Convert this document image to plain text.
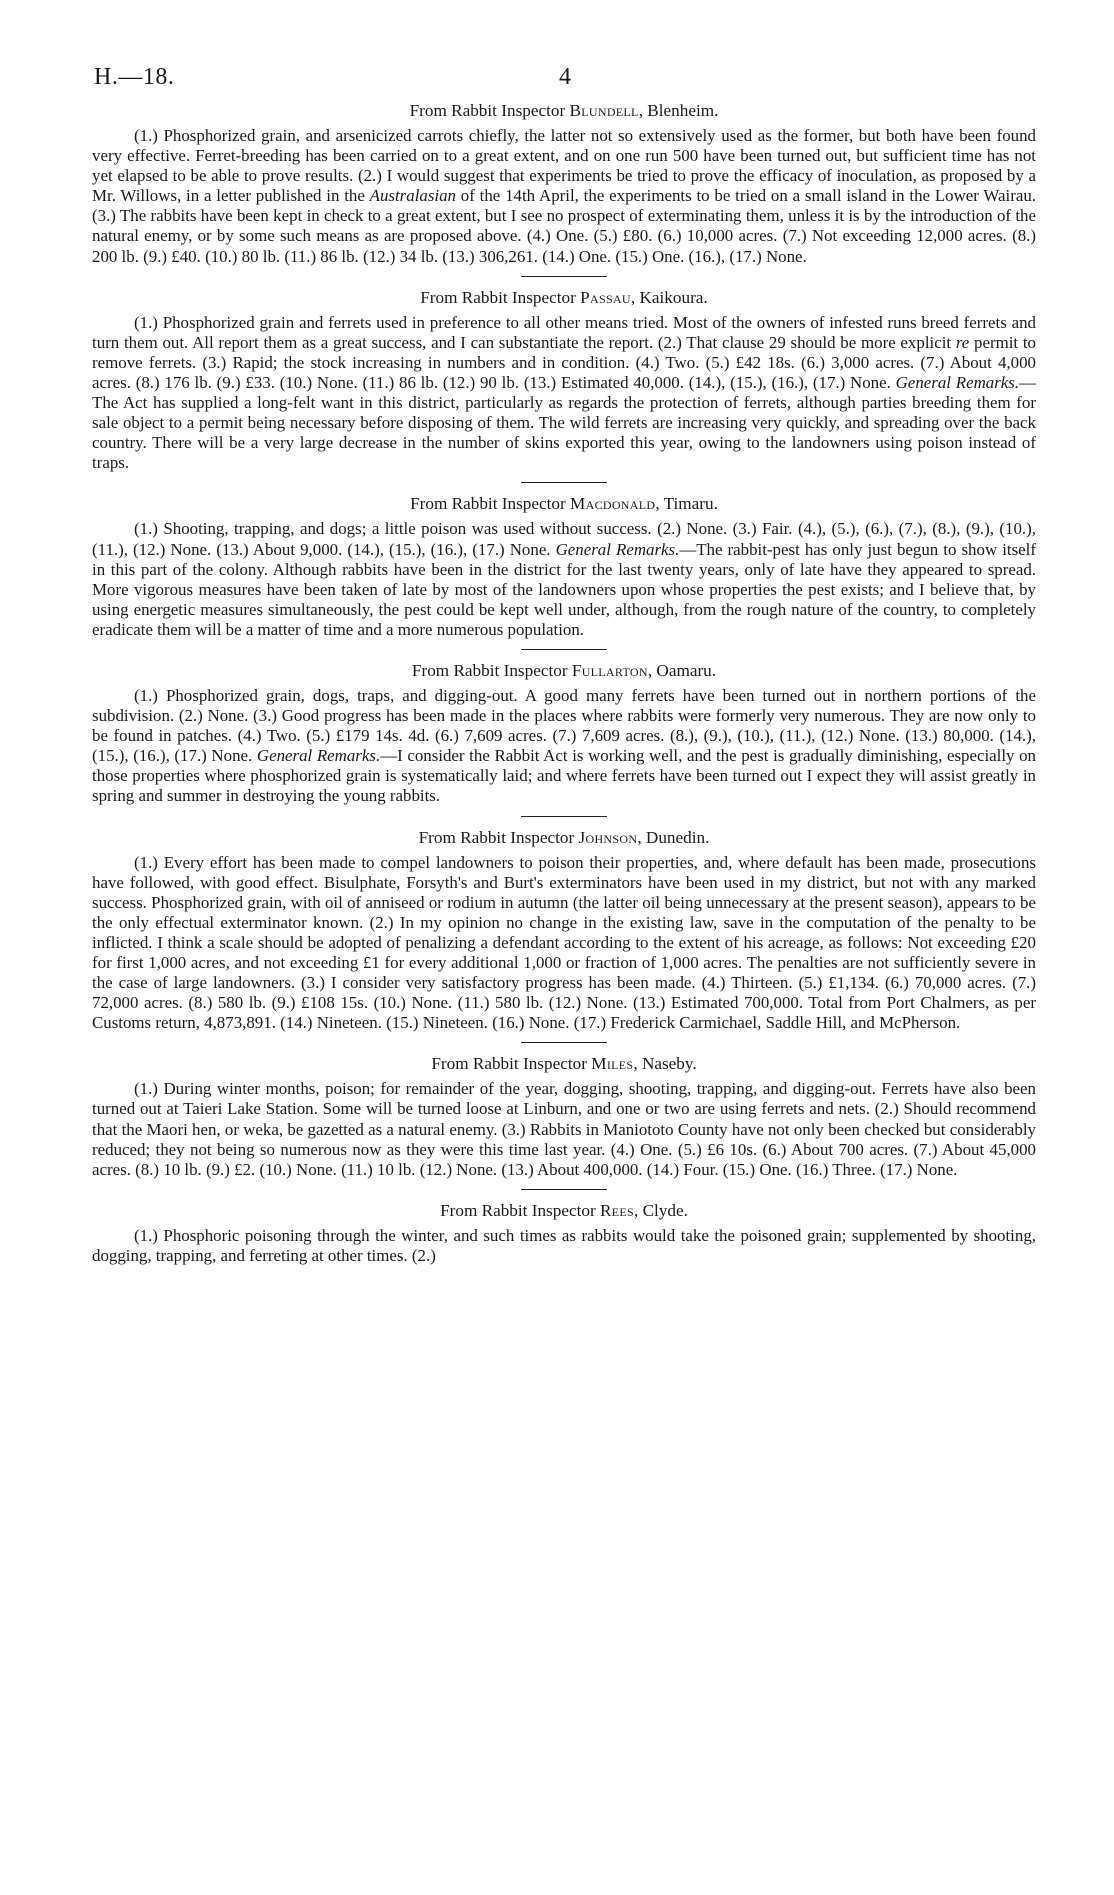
H.—18.	4
From Rabbit Inspector Blundell, Blenheim.

(1.) Phosphorized grain, and arsenicized carrots chiefly, the latter not so extensively used as the former, but both have been found very effective. Ferret-breeding has been carried on to a great extent, and on one run 500 have been turned out, but sufficient time has not yet elapsed to be able to prove results. (2.) I would suggest that experiments be tried to prove the efficacy of inoculation, as proposed by a Mr. Willows, in a letter published in the Australasian of the 14th April, the experiments to be tried on a small island in the Lower Wairau. (3.) The rabbits have been kept in check to a great extent, but I see no prospect of exterminating them, unless it is by the introduction of the natural enemy, or by some such means as are proposed above. (4.) One. (5.) £80. (6.) 10,000 acres. (7.) Not exceeding 12,000 acres. (8.) 200 lb. (9.) £40. (10.) 80 lb. (11.) 86 lb. (12.) 34 lb. (13.) 306,261. (14.) One. (15.) One. (16.), (17.) None.

From Rabbit Inspector Passau, Kaikoura.

(1.) Phosphorized grain and ferrets used in preference to all other means tried. Most of the owners of infested runs breed ferrets and turn them out. All report them as a great success, and I can substantiate the report. (2.) That clause 29 should be more explicit re permit to remove ferrets. (3.) Rapid; the stock increasing in numbers and in condition. (4.) Two. (5.) £42 18s. (6.) 3,000 acres. (7.) About 4,000 acres. (8.) 176 lb. (9.) £33. (10.) None. (11.) 86 lb. (12.) 90 lb. (13.) Estimated 40,000. (14.), (15.), (16.), (17.) None. General Remarks.—The Act has supplied a long-felt want in this district, particularly as regards the protection of ferrets, although parties breeding them for sale object to a permit being necessary before disposing of them. The wild ferrets are increasing very quickly, and spreading over the back country. There will be a very large decrease in the number of skins exported this year, owing to the landowners using poison instead of traps.

From Rabbit Inspector Macdonald, Timaru.

(1.) Shooting, trapping, and dogs; a little poison was used without success. (2.) None. (3.) Fair. (4.), (5.), (6.), (7.), (8.), (9.), (10.), (11.), (12.) None. (13.) About 9,000. (14.), (15.), (16.), (17.) None. General Remarks.—The rabbit-pest has only just begun to show itself in this part of the colony. Although rabbits have been in the district for the last twenty years, only of late have they appeared to spread. More vigorous measures have been taken of late by most of the landowners upon whose properties the pest exists; and I believe that, by using energetic measures simultaneously, the pest could be kept well under, although, from the rough nature of the country, to completely eradicate them will be a matter of time and a more numerous population.

From Rabbit Inspector Fullarton, Oamaru.

(1.) Phosphorized grain, dogs, traps, and digging-out. A good many ferrets have been turned out in northern portions of the subdivision. (2.) None. (3.) Good progress has been made in the places where rabbits were formerly very numerous. They are now only to be found in patches. (4.) Two. (5.) £179 14s. 4d. (6.) 7,609 acres. (7.) 7,609 acres. (8.), (9.), (10.), (11.), (12.) None. (13.) 80,000. (14.), (15.), (16.), (17.) None. General Remarks.—I consider the Rabbit Act is working well, and the pest is gradually diminishing, especially on those properties where phosphorized grain is systematically laid; and where ferrets have been turned out I expect they will assist greatly in spring and summer in destroying the young rabbits.

From Rabbit Inspector Johnson, Dunedin.

(1.) Every effort has been made to compel landowners to poison their properties, and, where default has been made, prosecutions have followed, with good effect. Bisulphate, Forsyth's and Burt's exterminators have been used in my district, but not with any marked success. Phosphorized grain, with oil of anniseed or rodium in autumn (the latter oil being unnecessary at the present season), appears to be the only effectual exterminator known. (2.) In my opinion no change in the existing law, save in the computation of the penalty to be inflicted. I think a scale should be adopted of penalizing a defendant according to the extent of his acreage, as follows: Not exceeding £20 for first 1,000 acres, and not exceeding £1 for every additional 1,000 or fraction of 1,000 acres. The penalties are not sufficiently severe in the case of large landowners. (3.) I consider very satisfactory progress has been made. (4.) Thirteen. (5.) £1,134. (6.) 70,000 acres. (7.) 72,000 acres. (8.) 580 lb. (9.) £108 15s. (10.) None. (11.) 580 lb. (12.) None. (13.) Estimated 700,000. Total from Port Chalmers, as per Customs return, 4,873,891. (14.) Nineteen. (15.) Nineteen. (16.) None. (17.) Frederick Carmichael, Saddle Hill, and McPherson.

From Rabbit Inspector Miles, Naseby.

(1.) During winter months, poison; for remainder of the year, dogging, shooting, trapping, and digging-out. Ferrets have also been turned out at Taieri Lake Station. Some will be turned loose at Linburn, and one or two are using ferrets and nets. (2.) Should recommend that the Maori hen, or weka, be gazetted as a natural enemy. (3.) Rabbits in Maniototo County have not only been checked but considerably reduced; they not being so numerous now as they were this time last year. (4.) One. (5.) £6 10s. (6.) About 700 acres. (7.) About 45,000 acres. (8.) 10 lb. (9.) £2. (10.) None. (11.) 10 lb. (12.) None. (13.) About 400,000. (14.) Four. (15.) One. (16.) Three. (17.) None.

From Rabbit Inspector Rees, Clyde.

(1.) Phosphoric poisoning through the winter, and such times as rabbits would take the poisoned grain; supplemented by shooting, dogging, trapping, and ferreting at other times. (2.)
